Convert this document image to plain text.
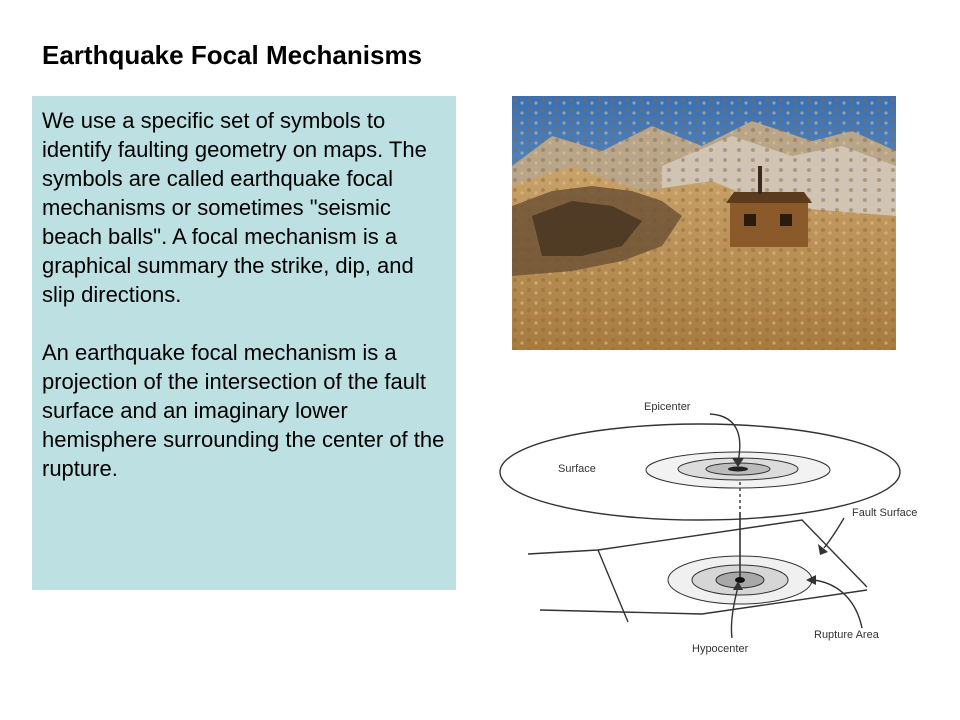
Earthquake Focal Mechanisms

We use a specific set of symbols to identify faulting geometry on maps. The symbols are called earthquake focal mechanisms or sometimes "seismic beach balls". A focal mechanism is a graphical summary the strike, dip, and slip directions.

An earthquake focal mechanism is a projection of the intersection of the fault surface and an imaginary lower hemisphere surrounding the center of the rupture.

Epicenter
Surface
Fault Surface
Rupture Area
Hypocenter
